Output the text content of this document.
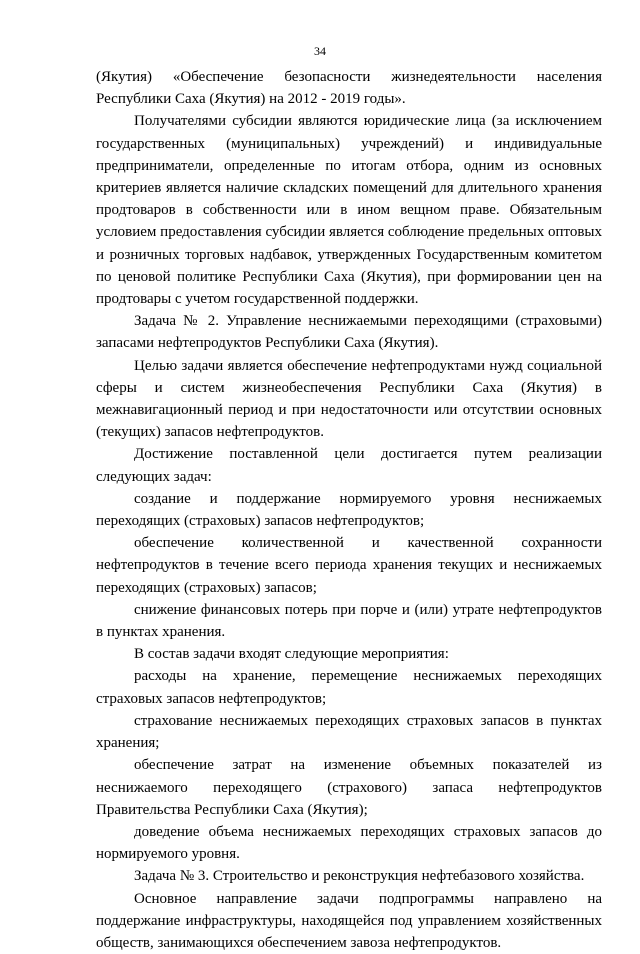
34

(Якутия) «Обеспечение безопасности жизнедеятельности населения Республики Саха (Якутия) на 2012 - 2019 годы».

Получателями субсидии являются юридические лица (за исключением государственных (муниципальных) учреждений) и индивидуальные предприниматели, определенные по итогам отбора, одним из основных критериев является наличие складских помещений для длительного хранения продтоваров в собственности или в ином вещном праве. Обязательным условием предоставления субсидии является соблюдение предельных оптовых и розничных торговых надбавок, утвержденных Государственным комитетом по ценовой политике Республики Саха (Якутия), при формировании цен на продтовары с учетом государственной поддержки.

Задача № 2. Управление неснижаемыми переходящими (страховыми) запасами нефтепродуктов Республики Саха (Якутия).

Целью задачи является обеспечение нефтепродуктами нужд социальной сферы и систем жизнеобеспечения Республики Саха (Якутия) в межнавигационный период и при недостаточности или отсутствии основных (текущих) запасов нефтепродуктов.

Достижение поставленной цели достигается путем реализации следующих задач:

создание и поддержание нормируемого уровня неснижаемых переходящих (страховых) запасов нефтепродуктов;

обеспечение количественной и качественной сохранности нефтепродуктов в течение всего периода хранения текущих и неснижаемых переходящих (страховых) запасов;

снижение финансовых потерь при порче и (или) утрате нефтепродуктов в пунктах хранения.

В состав задачи входят следующие мероприятия:

расходы на хранение, перемещение неснижаемых переходящих страховых запасов нефтепродуктов;

страхование неснижаемых переходящих страховых запасов в пунктах хранения;

обеспечение затрат на изменение объемных показателей из неснижаемого переходящего (страхового) запаса нефтепродуктов Правительства Республики Саха (Якутия);

доведение объема неснижаемых переходящих страховых запасов до нормируемого уровня.

Задача № 3. Строительство и реконструкция нефтебазового хозяйства.

Основное направление задачи подпрограммы направлено на поддержание инфраструктуры, находящейся под управлением хозяйственных обществ, занимающихся обеспечением завоза нефтепродуктов.
